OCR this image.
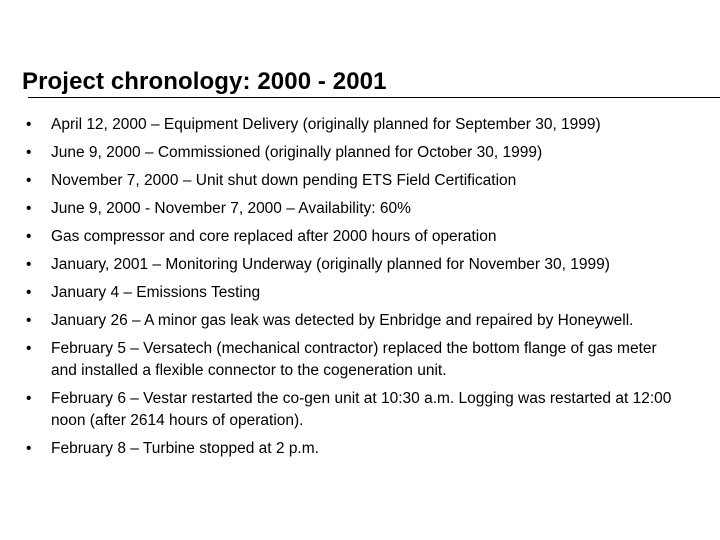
Project chronology: 2000 - 2001
•	April 12, 2000 – Equipment Delivery (originally planned for September 30, 1999)
•	June 9, 2000 – Commissioned (originally planned for October 30, 1999)
•	November 7, 2000 – Unit shut down pending ETS Field Certification
•	June 9, 2000 - November 7, 2000 – Availability: 60%
•	Gas compressor and core replaced after 2000 hours of operation
•	January, 2001 – Monitoring Underway (originally planned for November 30, 1999)
•	January 4 – Emissions Testing
•	January 26 – A minor gas leak was detected by Enbridge and repaired by Honeywell.
•	February 5 – Versatech (mechanical contractor) replaced the bottom flange of gas meter and installed a flexible connector to the cogeneration unit.
•	February 6 – Vestar restarted the co-gen unit at 10:30 a.m. Logging was restarted at 12:00 noon (after 2614 hours of operation).
•	February 8 – Turbine stopped at 2 p.m.
